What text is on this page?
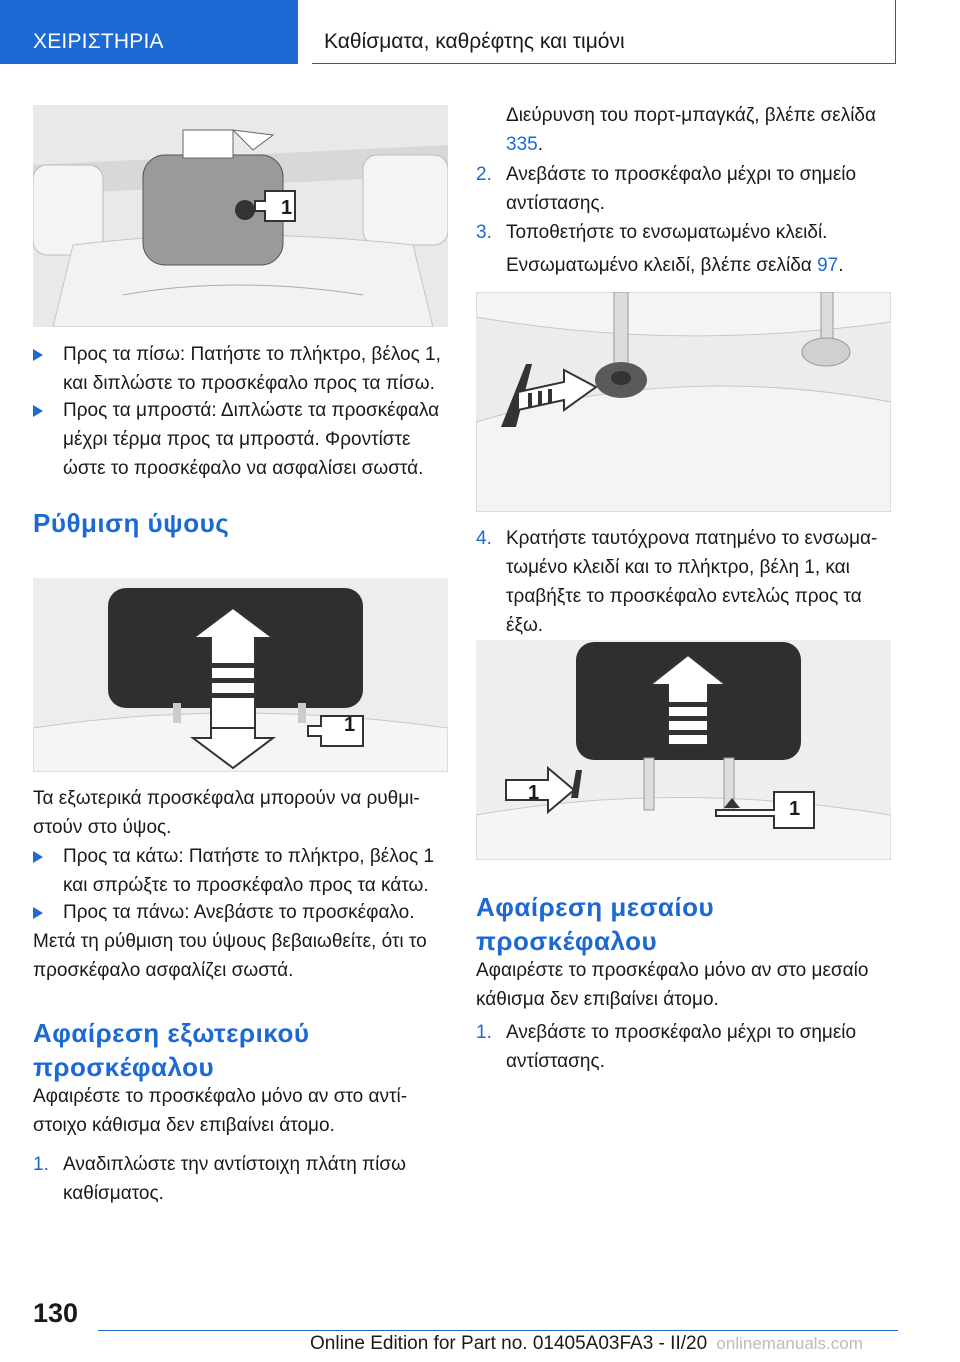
ΧΕΙΡΙΣΤΗΡΙΑ	Καθίσματα, καθρέφτης και τιμόνι
1
Προς τα πίσω: Πατήστε το πλήκτρο, βέλος 1, και διπλώστε το προσκέφαλο προς τα πίσω.
Προς τα μπροστά: Διπλώστε τα προσκέφαλα μέχρι τέρμα προς τα μπροστά. Φροντίστε ώστε το προσκέφαλο να ασφαλίσει σωστά.
Ρύθμιση ύψους
1

Τα εξωτερικά προσκέφαλα μπορούν να ρυθμιστούν στο ύψος.

Προς τα κάτω: Πατήστε το πλήκτρο, βέλος 1 και σπρώξτε το προσκέφαλο προς τα κάτω.
Προς τα πάνω: Ανεβάστε το προσκέφαλο.

Μετά τη ρύθμιση του ύψους βεβαιωθείτε, ότι το προσκέφαλο ασφαλίζει σωστά.

Αφαίρεση εξωτερικού προσκέφαλου

Αφαιρέστε το προσκέφαλο μόνο αν στο αντίστοιχο κάθισμα δεν επιβαίνει άτομο.

1. Αναδιπλώστε την αντίστοιχη πλάτη πίσω καθίσματος.

Διεύρυνση του πορτ-μπαγκάζ, βλέπε σελίδα 335.

2. Ανεβάστε το προσκέφαλο μέχρι το σημείο αντίστασης.
3. Τοποθετήστε το ενσωματωμένο κλειδί.

Ενσωματωμένο κλειδί, βλέπε σελίδα 97.

4. Κρατήστε ταυτόχρονα πατημένο το ενσωματωμένο κλειδί και το πλήκτρο, βέλη 1, και τραβήξτε το προσκέφαλο εντελώς προς τα έξω.
1
1
Αφαίρεση μεσαίου προσκέφαλου

Αφαιρέστε το προσκέφαλο μόνο αν στο μεσαίο κάθισμα δεν επιβαίνει άτομο.

1. Ανεβάστε το προσκέφαλο μέχρι το σημείο αντίστασης.
130
Online Edition for Part no. 01405A03FA3 - II/20 onlinemanuals.com
